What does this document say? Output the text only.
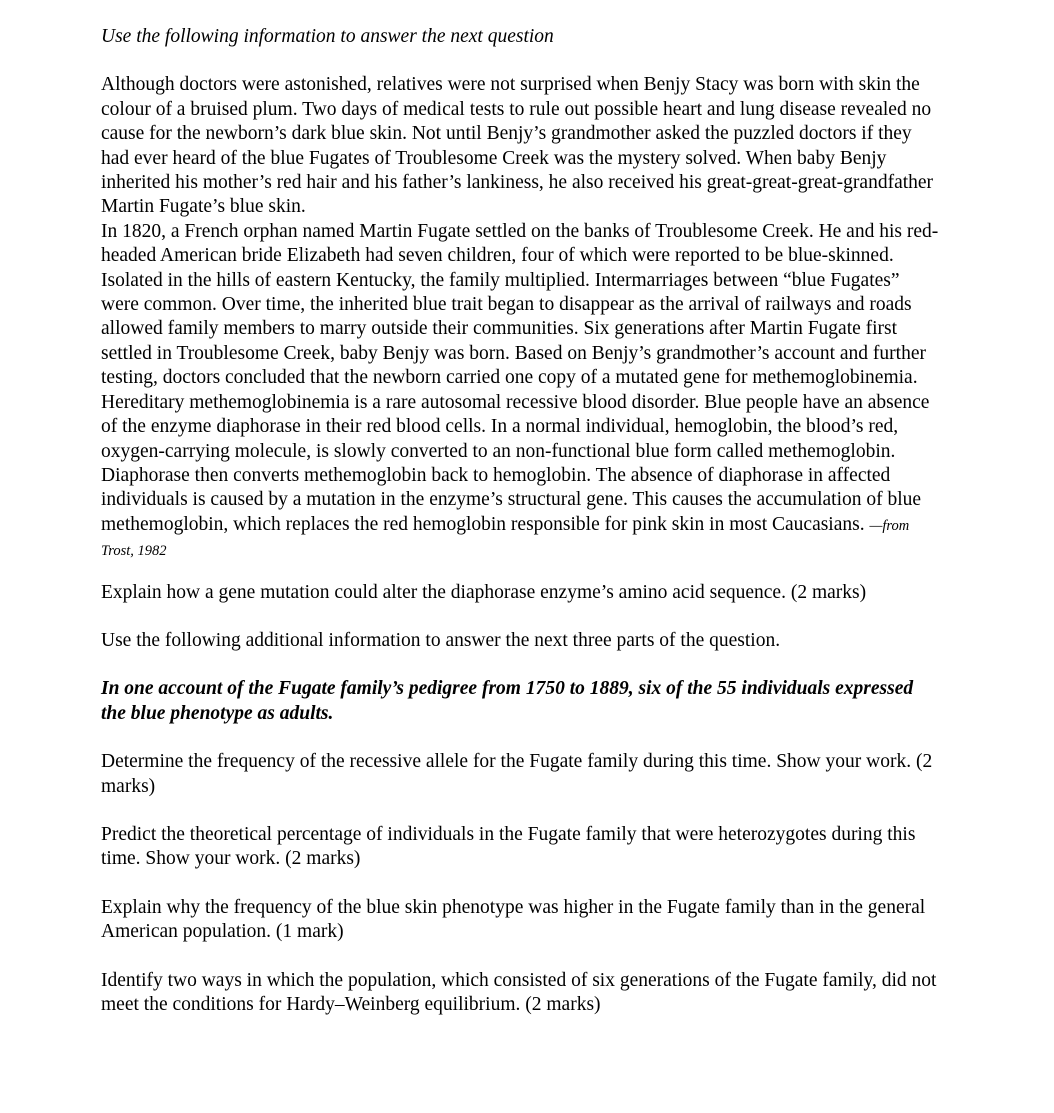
Use the following information to answer the next question

Although doctors were astonished, relatives were not surprised when Benjy Stacy was born with skin the colour of a bruised plum. Two days of medical tests to rule out possible heart and lung disease revealed no cause for the newborn’s dark blue skin. Not until Benjy’s grandmother asked the puzzled doctors if they had ever heard of the blue Fugates of Troublesome Creek was the mystery solved. When baby Benjy inherited his mother’s red hair and his father’s lankiness, he also received his great-great-great-grandfather Martin Fugate’s blue skin.

In 1820, a French orphan named Martin Fugate settled on the banks of Troublesome Creek. He and his red-headed American bride Elizabeth had seven children, four of which were reported to be blue-skinned. Isolated in the hills of eastern Kentucky, the family multiplied. Intermarriages between “blue Fugates” were common. Over time, the inherited blue trait began to disappear as the arrival of railways and roads allowed family members to marry outside their communities. Six generations after Martin Fugate first settled in Troublesome Creek, baby Benjy was born. Based on Benjy’s grandmother’s account and further testing, doctors concluded that the newborn carried one copy of a mutated gene for methemoglobinemia. Hereditary methemoglobinemia is a rare autosomal recessive blood disorder. Blue people have an absence of the enzyme diaphorase in their red blood cells. In a normal individual, hemoglobin, the blood’s red, oxygen-carrying molecule, is slowly converted to an non-functional blue form called methemoglobin. Diaphorase then converts methemoglobin back to hemoglobin. The absence of diaphorase in affected individuals is caused by a mutation in the enzyme’s structural gene. This causes the accumulation of blue methemoglobin, which replaces the red hemoglobin responsible for pink skin in most Caucasians. —from Trost, 1982

Explain how a gene mutation could alter the diaphorase enzyme’s amino acid sequence. (2 marks)

Use the following additional information to answer the next three parts of the question.

In one account of the Fugate family’s pedigree from 1750 to 1889, six of the 55 individuals expressed the blue phenotype as adults.

Determine the frequency of the recessive allele for the Fugate family during this time. Show your work. (2 marks)

Predict the theoretical percentage of individuals in the Fugate family that were heterozygotes during this time. Show your work. (2 marks)

Explain why the frequency of the blue skin phenotype was higher in the Fugate family than in the general American population. (1 mark)

Identify two ways in which the population, which consisted of six generations of the Fugate family, did not meet the conditions for Hardy–Weinberg equilibrium. (2 marks)
